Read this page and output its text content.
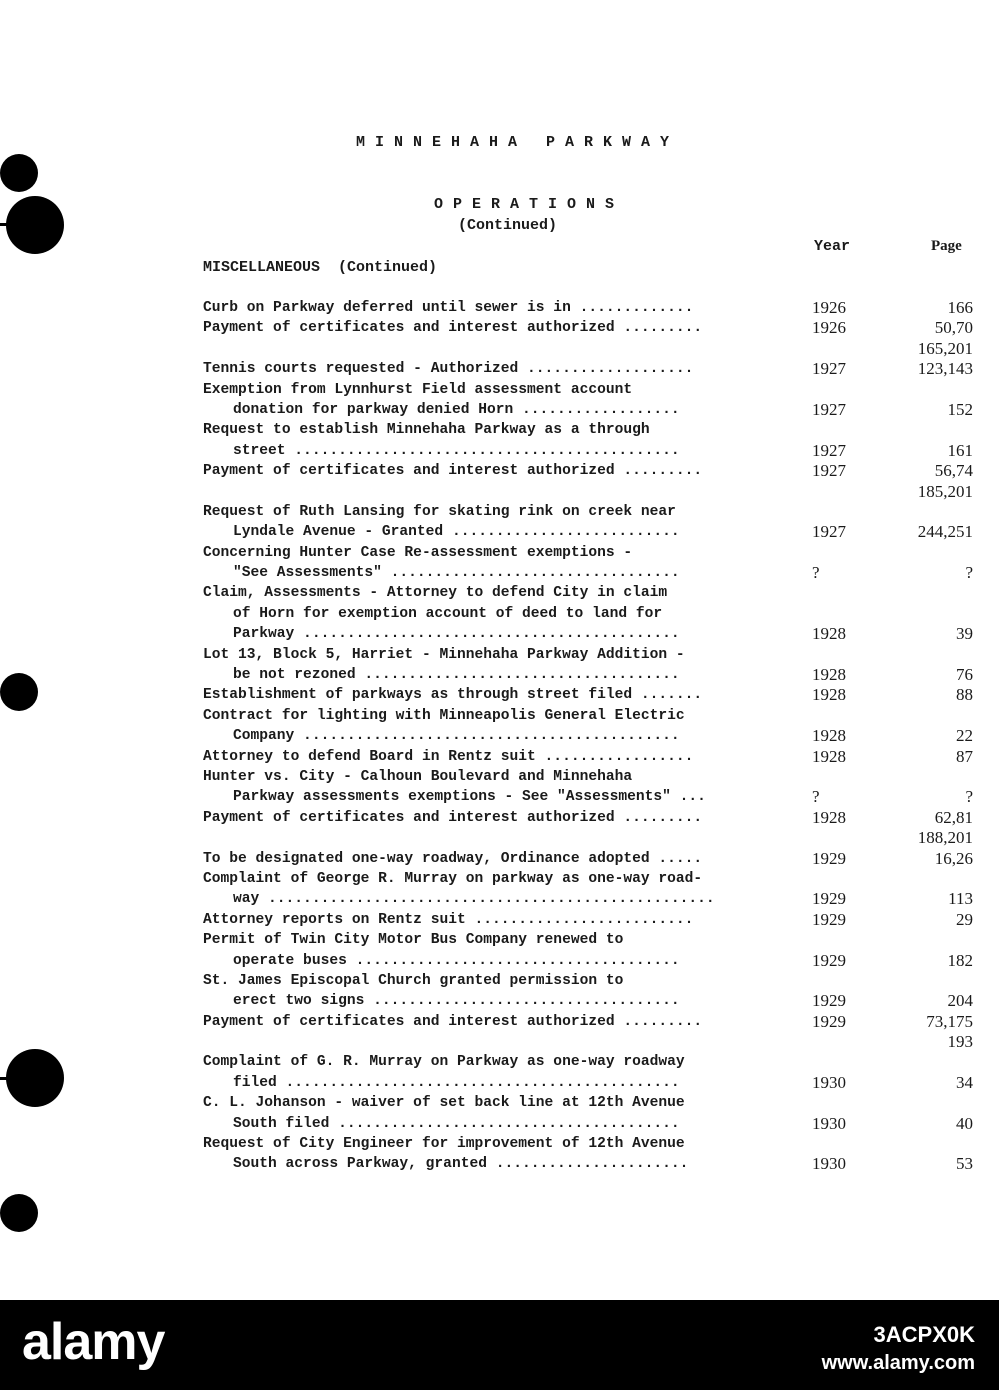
M I N N E H A H A   P A R K W A Y
O P E R A T I O N S
(Continued)
Year	Page
MISCELLANEOUS  (Continued)
Curb on Parkway deferred until sewer is in .............	1926	166
Payment of certificates and interest authorized .........	1926	50,70
165,201
Tennis courts requested - Authorized ...................	1927	123,143
Exemption from Lynnhurst Field assessment account
donation for parkway denied Horn ..................	1927	152
Request to establish Minnehaha Parkway as a through
street ............................................	1927	161
Payment of certificates and interest authorized .........	1927	56,74
185,201
Request of Ruth Lansing for skating rink on creek near
Lyndale Avenue - Granted ..........................	1927	244,251
Concerning Hunter Case Re-assessment exemptions -
"See Assessments" .................................	?	?
Claim, Assessments - Attorney to defend City in claim
of Horn for exemption account of deed to land for
Parkway ...........................................	1928	39
Lot 13, Block 5, Harriet - Minnehaha Parkway Addition -
be not rezoned ....................................	1928	76
Establishment of parkways as through street filed .......	1928	88
Contract for lighting with Minneapolis General Electric
Company ...........................................	1928	22
Attorney to defend Board in Rentz suit .................	1928	87
Hunter vs. City - Calhoun Boulevard and Minnehaha
Parkway assessments exemptions - See "Assessments" ...	?	?
Payment of certificates and interest authorized .........	1928	62,81
188,201
To be designated one-way roadway, Ordinance adopted .....	1929	16,26
Complaint of George R. Murray on parkway as one-way road-
way ...................................................	1929	113
Attorney reports on Rentz suit .........................	1929	29
Permit of Twin City Motor Bus Company renewed to
operate buses .....................................	1929	182
St. James Episcopal Church granted permission to
erect two signs ...................................	1929	204
Payment of certificates and interest authorized .........	1929	73,175
193
Complaint of G. R. Murray on Parkway as one-way roadway
filed .............................................	1930	34
C. L. Johanson - waiver of set back line at 12th Avenue
South filed .......................................	1930	40
Request of City Engineer for improvement of 12th Avenue
South across Parkway, granted ......................	1930	53
alamy	3ACPX0K
www.alamy.com
